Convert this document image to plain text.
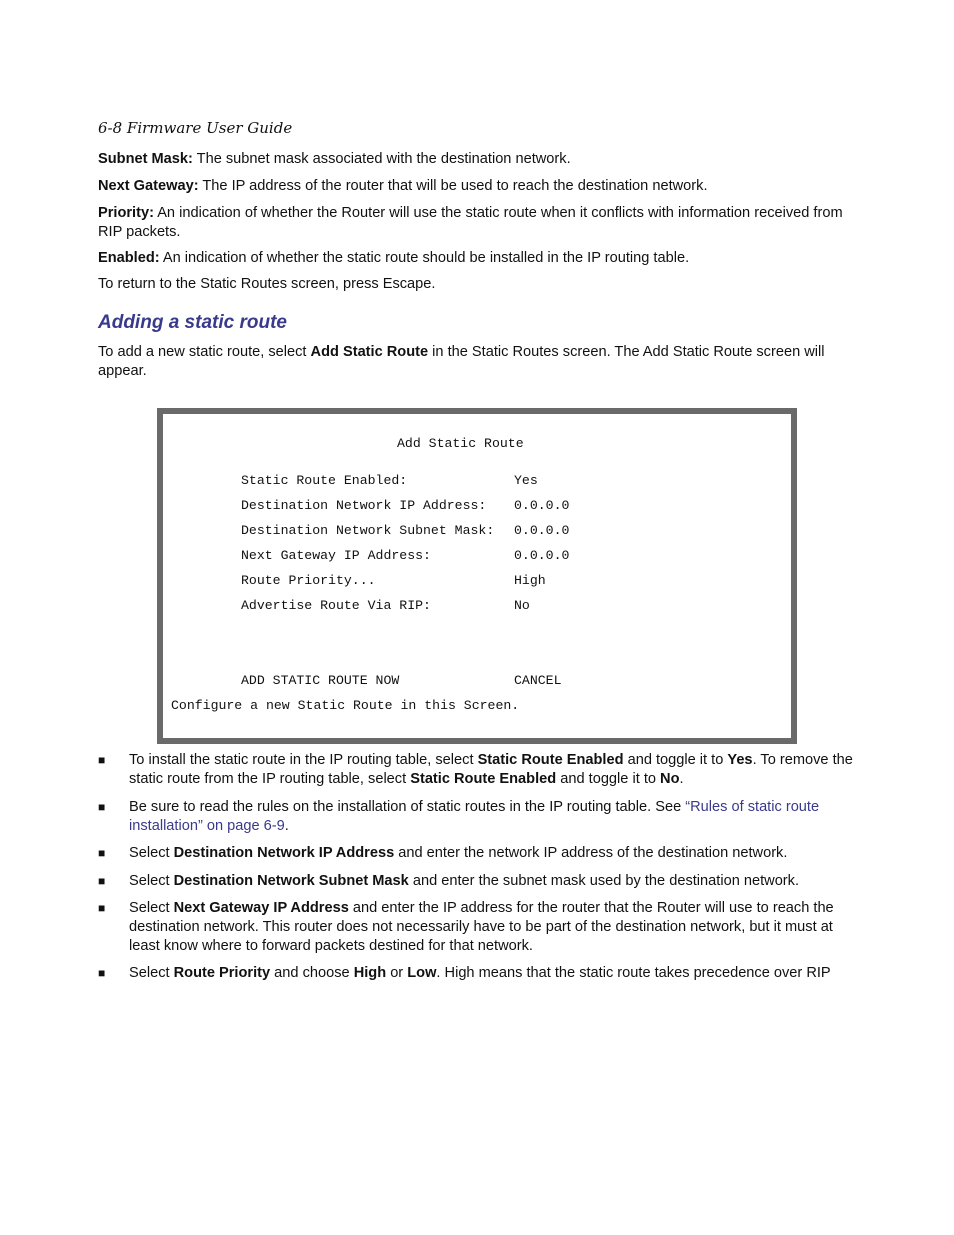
6-8 Firmware User Guide
Subnet Mask: The subnet mask associated with the destination network.
Next Gateway: The IP address of the router that will be used to reach the destination network.
Priority: An indication of whether the Router will use the static route when it conflicts with information received from RIP packets.
Enabled: An indication of whether the static route should be installed in the IP routing table.
To return to the Static Routes screen, press Escape.
Adding a static route
To add a new static route, select Add Static Route in the Static Routes screen. The Add Static Route screen will appear.
Add Static Route
Static Route Enabled:	Yes
Destination Network IP Address: 0.0.0.0
Destination Network Subnet Mask: 0.0.0.0
Next Gateway IP Address:	0.0.0.0
Route Priority...	High
Advertise Route Via RIP:	No
ADD STATIC ROUTE NOW	CANCEL
Configure a new Static Route in this Screen.
■ To install the static route in the IP routing table, select Static Route Enabled and toggle it to Yes. To remove the static route from the IP routing table, select Static Route Enabled and toggle it to No.
■ Be sure to read the rules on the installation of static routes in the IP routing table. See “Rules of static route installation” on page 6-9.
■ Select Destination Network IP Address and enter the network IP address of the destination network.
■ Select Destination Network Subnet Mask and enter the subnet mask used by the destination network.
■ Select Next Gateway IP Address and enter the IP address for the router that the Router will use to reach the destination network. This router does not necessarily have to be part of the destination network, but it must at least know where to forward packets destined for that network.
■ Select Route Priority and choose High or Low. High means that the static route takes precedence over RIP
